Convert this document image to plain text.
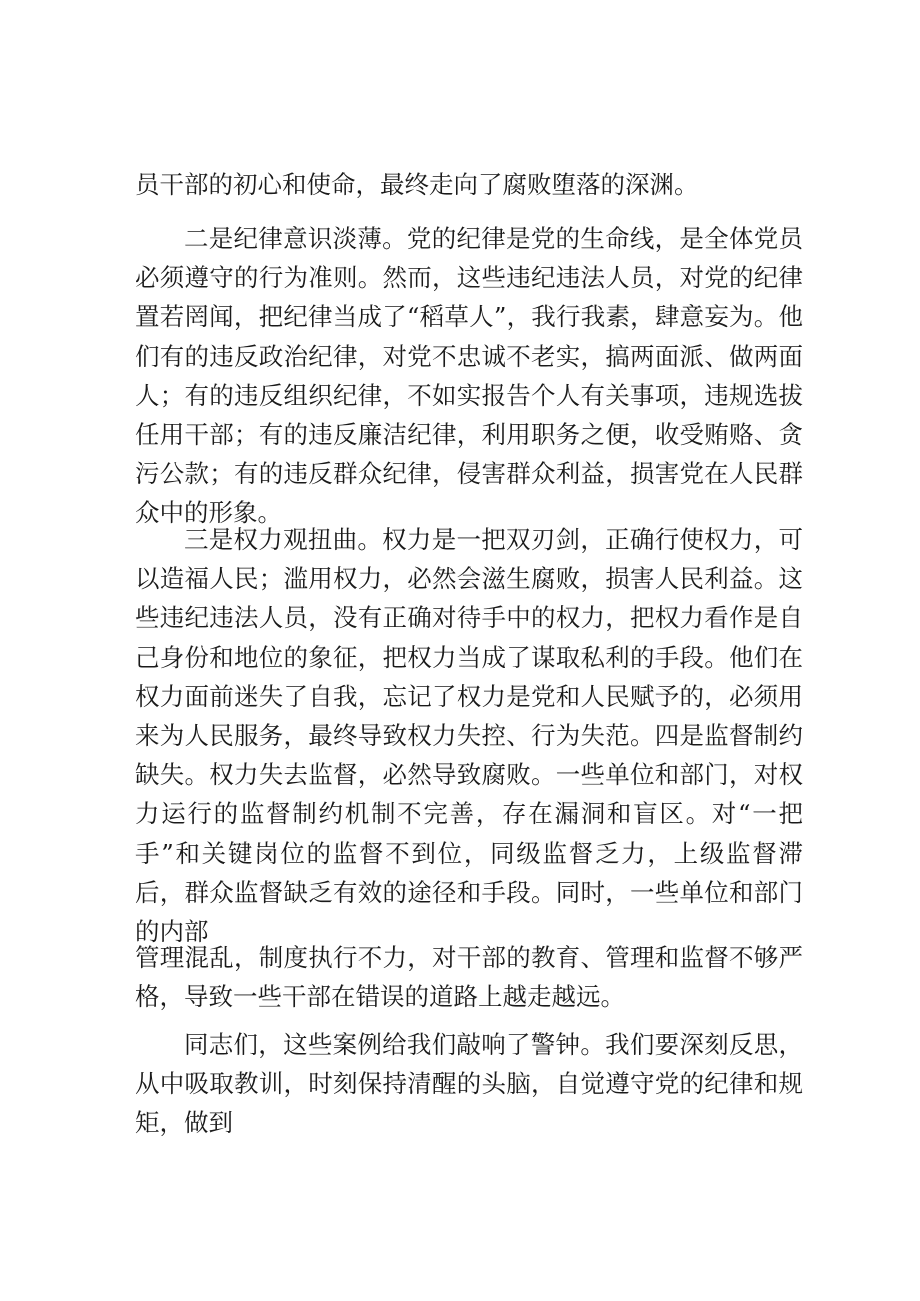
员干部的初心和使命，最终走向了腐败堕落的深渊。

二是纪律意识淡薄。党的纪律是党的生命线，是全体党员必须遵守的行为准则。然而，这些违纪违法人员，对党的纪律置若罔闻，把纪律当成了“稻草人”，我行我素，肆意妄为。他们有的违反政治纪律，对党不忠诚不老实，搞两面派、做两面人；有的违反组织纪律，不如实报告个人有关事项，违规选拔任用干部；有的违反廉洁纪律，利用职务之便，收受贿赂、贪污公款；有的违反群众纪律，侵害群众利益，损害党在人民群众中的形象。

三是权力观扭曲。权力是一把双刃剑，正确行使权力，可以造福人民；滥用权力，必然会滋生腐败，损害人民利益。这些违纪违法人员，没有正确对待手中的权力，把权力看作是自己身份和地位的象征，把权力当成了谋取私利的手段。他们在权力面前迷失了自我，忘记了权力是党和人民赋予的，必须用来为人民服务，最终导致权力失控、行为失范。四是监督制约缺失。权力失去监督，必然导致腐败。一些单位和部门，对权力运行的监督制约机制不完善，存在漏洞和盲区。对“一把手”和关键岗位的监督不到位，同级监督乏力，上级监督滞后，群众监督缺乏有效的途径和手段。同时，一些单位和部门的内部

管理混乱，制度执行不力，对干部的教育、管理和监督不够严格，导致一些干部在错误的道路上越走越远。

同志们，这些案例给我们敲响了警钟。我们要深刻反思，从中吸取教训，时刻保持清醒的头脑，自觉遵守党的纪律和规矩，做到
